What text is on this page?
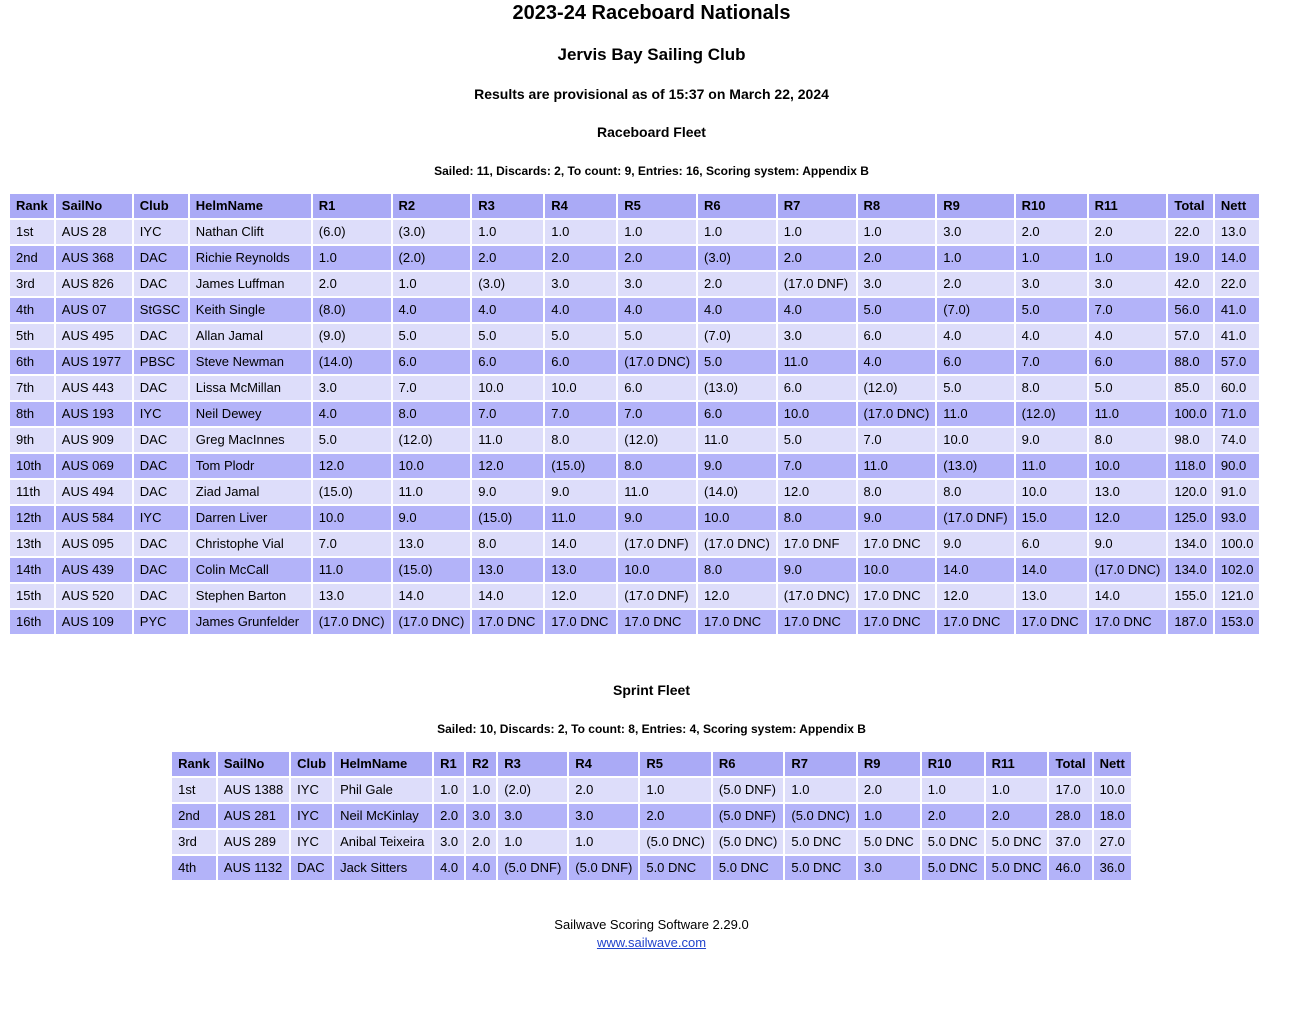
2023-24 Raceboard Nationals
Jervis Bay Sailing Club
Results are provisional as of 15:37 on March 22, 2024
Raceboard Fleet

Sailed: 11, Discards: 2, To count: 9, Entries: 16, Scoring system: Appendix B

Rank	SailNo	Club	HelmName	R1	R2	R3	R4	R5	R6	R7	R8	R9	R10	R11	Total	Nett
1st	AUS 28	IYC	Nathan Clift	(6.0)	(3.0)	1.0	1.0	1.0	1.0	1.0	1.0	3.0	2.0	2.0	22.0	13.0
2nd	AUS 368	DAC	Richie Reynolds	1.0	(2.0)	2.0	2.0	2.0	(3.0)	2.0	2.0	1.0	1.0	1.0	19.0	14.0
3rd	AUS 826	DAC	James Luffman	2.0	1.0	(3.0)	3.0	3.0	2.0	(17.0 DNF)	3.0	2.0	3.0	3.0	42.0	22.0
4th	AUS 07	StGSC	Keith Single	(8.0)	4.0	4.0	4.0	4.0	4.0	4.0	5.0	(7.0)	5.0	7.0	56.0	41.0
5th	AUS 495	DAC	Allan Jamal	(9.0)	5.0	5.0	5.0	5.0	(7.0)	3.0	6.0	4.0	4.0	4.0	57.0	41.0
6th	AUS 1977	PBSC	Steve Newman	(14.0)	6.0	6.0	6.0	(17.0 DNC)	5.0	11.0	4.0	6.0	7.0	6.0	88.0	57.0
7th	AUS 443	DAC	Lissa McMillan	3.0	7.0	10.0	10.0	6.0	(13.0)	6.0	(12.0)	5.0	8.0	5.0	85.0	60.0
8th	AUS 193	IYC	Neil Dewey	4.0	8.0	7.0	7.0	7.0	6.0	10.0	(17.0 DNC)	11.0	(12.0)	11.0	100.0	71.0
9th	AUS 909	DAC	Greg MacInnes	5.0	(12.0)	11.0	8.0	(12.0)	11.0	5.0	7.0	10.0	9.0	8.0	98.0	74.0
10th	AUS 069	DAC	Tom Plodr	12.0	10.0	12.0	(15.0)	8.0	9.0	7.0	11.0	(13.0)	11.0	10.0	118.0	90.0
11th	AUS 494	DAC	Ziad Jamal	(15.0)	11.0	9.0	9.0	11.0	(14.0)	12.0	8.0	8.0	10.0	13.0	120.0	91.0
12th	AUS 584	IYC	Darren Liver	10.0	9.0	(15.0)	11.0	9.0	10.0	8.0	9.0	(17.0 DNF)	15.0	12.0	125.0	93.0
13th	AUS 095	DAC	Christophe Vial	7.0	13.0	8.0	14.0	(17.0 DNF)	(17.0 DNC)	17.0 DNF	17.0 DNC	9.0	6.0	9.0	134.0	100.0
14th	AUS 439	DAC	Colin McCall	11.0	(15.0)	13.0	13.0	10.0	8.0	9.0	10.0	14.0	14.0	(17.0 DNC)	134.0	102.0
15th	AUS 520	DAC	Stephen Barton	13.0	14.0	14.0	12.0	(17.0 DNF)	12.0	(17.0 DNC)	17.0 DNC	12.0	13.0	14.0	155.0	121.0
16th	AUS 109	PYC	James Grunfelder	(17.0 DNC)	(17.0 DNC)	17.0 DNC	17.0 DNC	17.0 DNC	17.0 DNC	17.0 DNC	17.0 DNC	17.0 DNC	17.0 DNC	17.0 DNC	187.0	153.0
Sprint Fleet

Sailed: 10, Discards: 2, To count: 8, Entries: 4, Scoring system: Appendix B

Rank	SailNo	Club	HelmName	R1	R2	R3	R4	R5	R6	R7	R9	R10	R11	Total	Nett
1st	AUS 1388	IYC	Phil Gale	1.0	1.0	(2.0)	2.0	1.0	(5.0 DNF)	1.0	2.0	1.0	1.0	17.0	10.0
2nd	AUS 281	IYC	Neil McKinlay	2.0	3.0	3.0	3.0	2.0	(5.0 DNF)	(5.0 DNC)	1.0	2.0	2.0	28.0	18.0
3rd	AUS 289	IYC	Anibal Teixeira	3.0	2.0	1.0	1.0	(5.0 DNC)	(5.0 DNC)	5.0 DNC	5.0 DNC	5.0 DNC	5.0 DNC	37.0	27.0
4th	AUS 1132	DAC	Jack Sitters	4.0	4.0	(5.0 DNF)	(5.0 DNF)	5.0 DNC	5.0 DNC	5.0 DNC	3.0	5.0 DNC	5.0 DNC	46.0	36.0
Sailwave Scoring Software 2.29.0
www.sailwave.com
